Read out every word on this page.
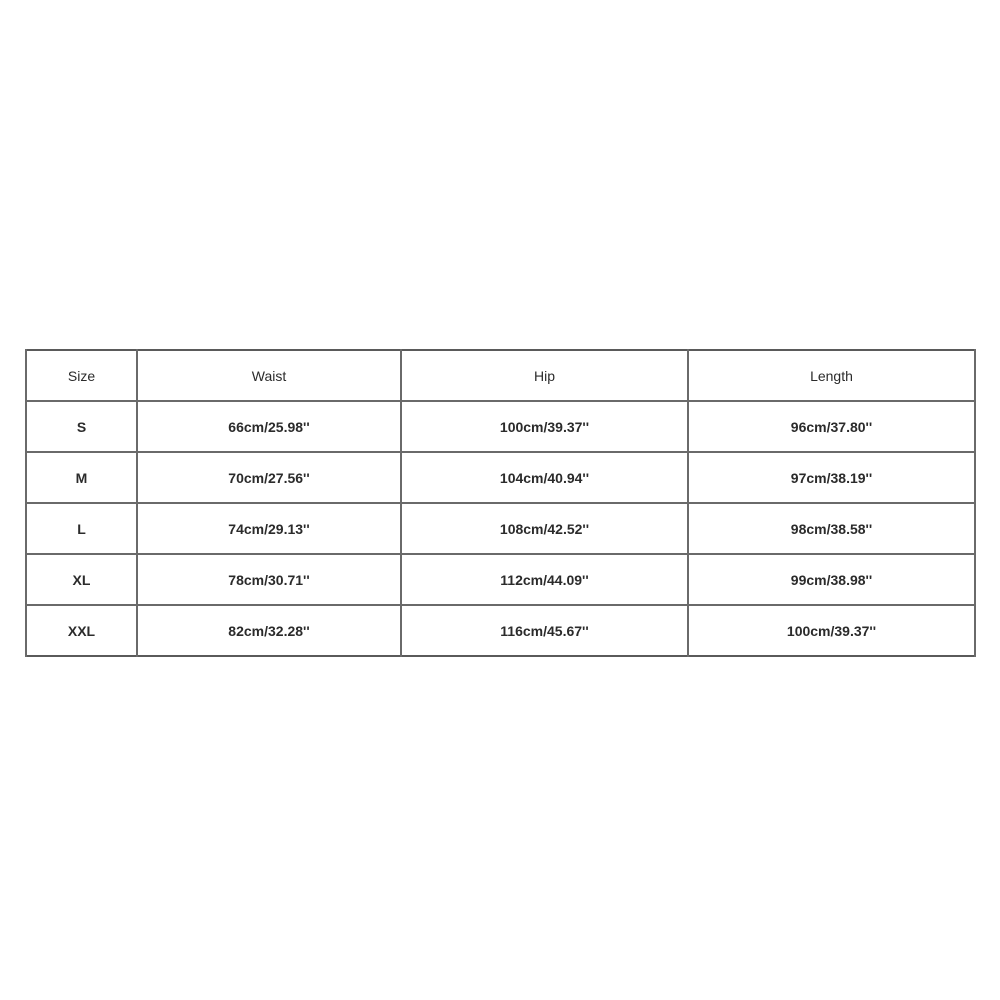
Size	Waist	Hip	Length
S	66cm/25.98''	100cm/39.37''	96cm/37.80''
M	70cm/27.56''	104cm/40.94''	97cm/38.19''
L	74cm/29.13''	108cm/42.52''	98cm/38.58''
XL	78cm/30.71''	112cm/44.09''	99cm/38.98''
XXL	82cm/32.28''	116cm/45.67''	100cm/39.37''
